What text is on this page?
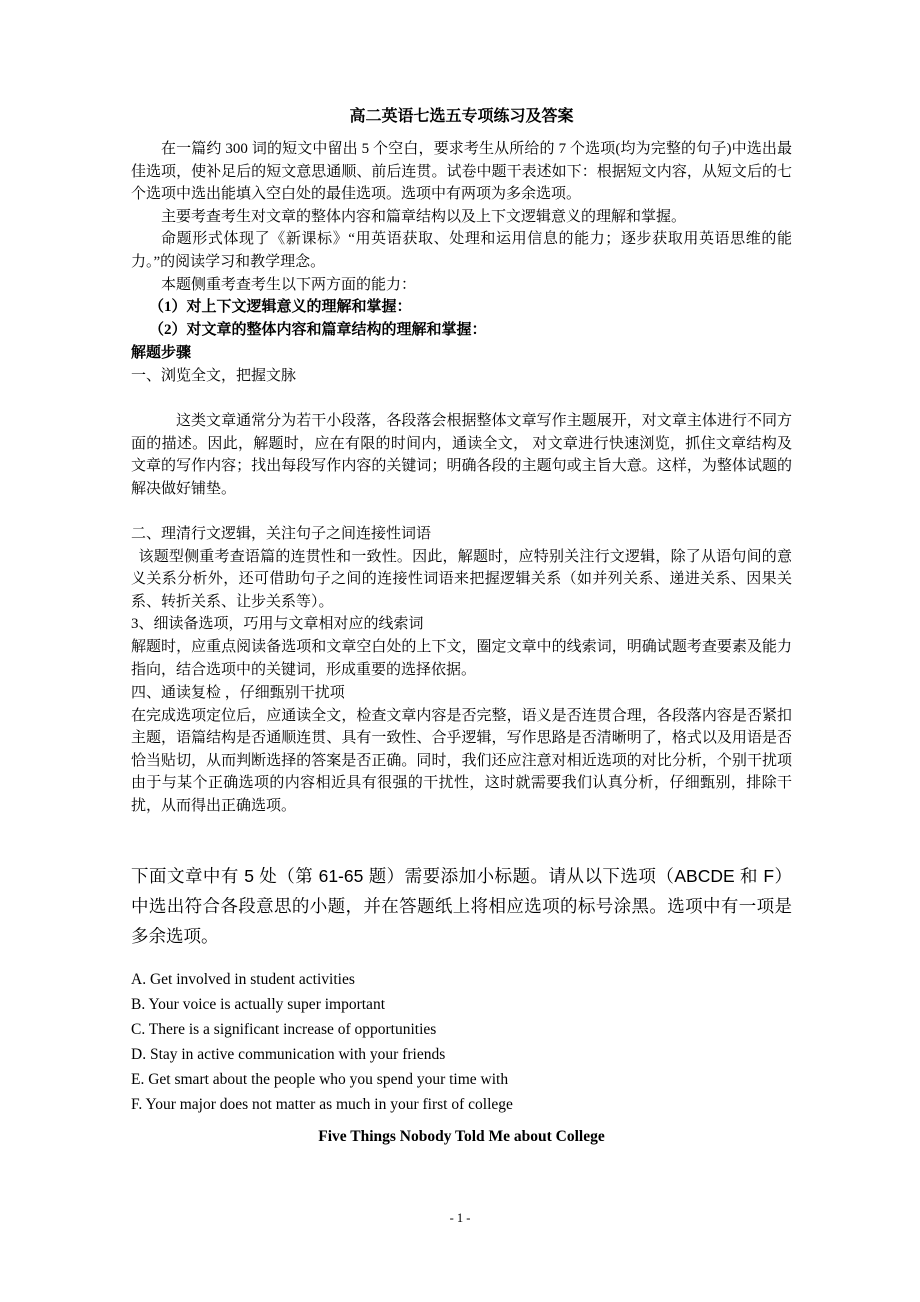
高二英语七选五专项练习及答案

在一篇约 300 词的短文中留出 5 个空白，要求考生从所给的 7 个选项(均为完整的句子)中选出最佳选项，使补足后的短文意思通顺、前后连贯。试卷中题干表述如下：根据短文内容，从短文后的七个选项中选出能填入空白处的最佳选项。选项中有两项为多余选项。

主要考查考生对文章的整体内容和篇章结构以及上下文逻辑意义的理解和掌握。

命题形式体现了《新课标》“用英语获取、处理和运用信息的能力；逐步获取用英语思维的能力。”的阅读学习和教学理念。

本题侧重考查考生以下两方面的能力：

（1）对上下文逻辑意义的理解和掌握：

（2）对文章的整体内容和篇章结构的理解和掌握：

解题步骤

一、浏览全文，把握文脉

这类文章通常分为若干小段落，各段落会根据整体文章写作主题展开，对文章主体进行不同方面的描述。因此，解题时，应在有限的时间内，通读全文， 对文章进行快速浏览，抓住文章结构及文章的写作内容；找出每段写作内容的关键词；明确各段的主题句或主旨大意。这样，为整体试题的解决做好铺垫。

二、理清行文逻辑，关注句子之间连接性词语

该题型侧重考查语篇的连贯性和一致性。因此，解题时，应特别关注行文逻辑，除了从语句间的意义关系分析外，还可借助句子之间的连接性词语来把握逻辑关系（如并列关系、递进关系、因果关系、转折关系、让步关系等）。

3、细读备选项，巧用与文章相对应的线索词

解题时，应重点阅读备选项和文章空白处的上下文，圈定文章中的线索词，明确试题考查要素及能力指向，结合选项中的关键词，形成重要的选择依据。

四、通读复检 ，仔细甄别干扰项

在完成选项定位后，应通读全文，检查文章内容是否完整，语义是否连贯合理，各段落内容是否紧扣主题，语篇结构是否通顺连贯、具有一致性、合乎逻辑，写作思路是否清晰明了，格式以及用语是否恰当贴切，从而判断选择的答案是否正确。同时，我们还应注意对相近选项的对比分析，个别干扰项由于与某个正确选项的内容相近具有很强的干扰性，这时就需要我们认真分析，仔细甄别，排除干扰，从而得出正确选项。

下面文章中有 5 处（第 61-65 题）需要添加小标题。请从以下选项（ABCDE 和 F）中选出符合各段意思的小题，并在答题纸上将相应选项的标号涂黑。选项中有一项是多余选项。

A. Get involved in student activities
B. Your voice is actually super important
C. There is a significant increase of opportunities
D. Stay in active communication with your friends
E. Get smart about the people who you spend your time with
F. Your major does not matter as much in your first of college

Five Things Nobody Told Me about College

- 1 -
